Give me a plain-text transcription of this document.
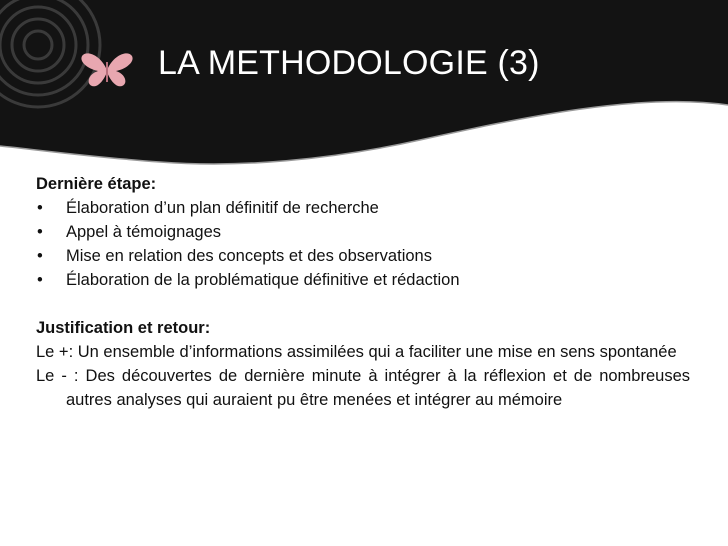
LA METHODOLOGIE (3)

Dernière étape:

• Élaboration d’un plan définitif de recherche
• Appel à témoignages
• Mise en relation des concepts et des observations
• Élaboration de la problématique définitive et rédaction

Justification et retour:

Le +: Un ensemble d’informations assimilées qui a faciliter une mise en sens spontanée

Le - : Des découvertes de dernière minute à intégrer à la réflexion et de nombreuses autres analyses qui auraient pu être menées et intégrer au mémoire
